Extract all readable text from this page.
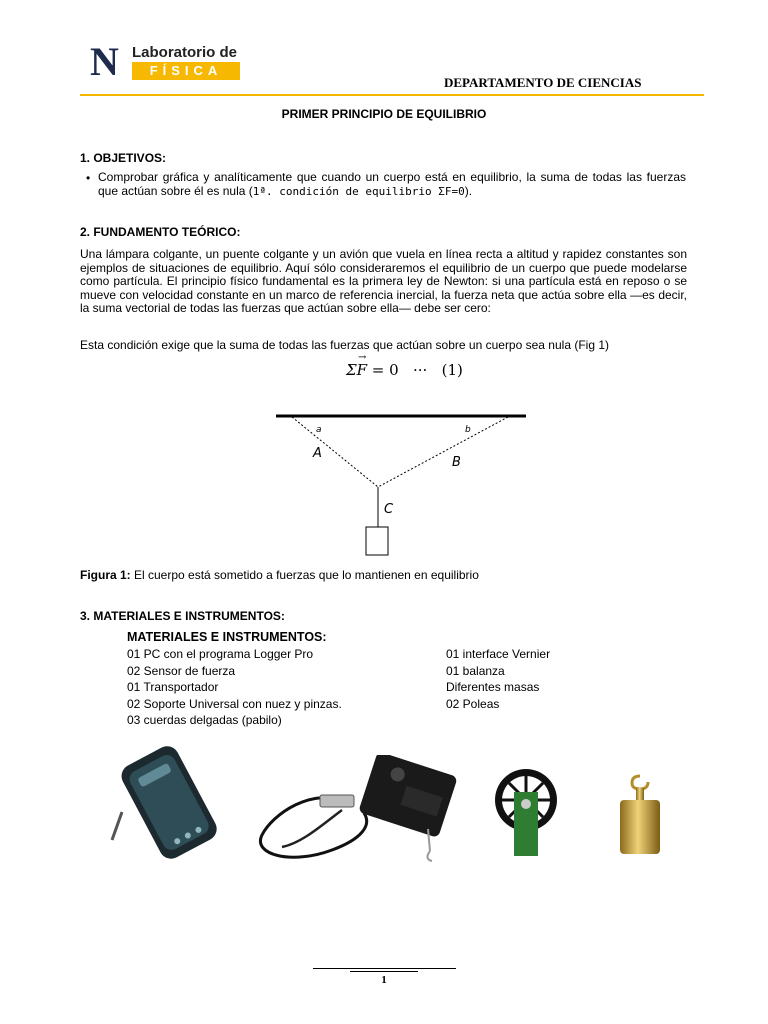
N Laboratorio de
FÍSICA
DEPARTAMENTO DE CIENCIAS
PRIMER PRINCIPIO DE EQUILIBRIO
1. OBJETIVOS:
• Comprobar gráfica y analíticamente que cuando un cuerpo está en equilibrio, la suma de todas las fuerzas que actúan sobre él es nula (1ª. condición de equilibrio ΣF=0).
2. FUNDAMENTO TEÓRICO:
Una lámpara colgante, un puente colgante y un avión que vuela en línea recta a altitud y rapidez constantes son ejemplos de situaciones de equilibrio. Aquí sólo consideraremos el equilibrio de un cuerpo que puede modelarse como partícula. El principio físico fundamental es la primera ley de Newton: si una partícula está en reposo o se mueve con velocidad constante en un marco de referencia inercial, la fuerza neta que actúa sobre ella —es decir, la suma vectorial de todas las fuerzas que actúan sobre ella— debe ser cero:
Esta condición exige que la suma de todas las fuerzas que actúan sobre un cuerpo sea nula (Fig 1)
→
ΣF = 0   ···   (1)
a	b
A
B
C
Figura 1: El cuerpo está sometido a fuerzas que lo mantienen en equilibrio
3. MATERIALES E INSTRUMENTOS:
MATERIALES E INSTRUMENTOS:
01 PC con el programa Logger Pro
02 Sensor de fuerza
01 Transportador
02 Soporte Universal con nuez y pinzas.
03 cuerdas delgadas (pabilo)
01 interface Vernier
01 balanza
Diferentes masas
02 Poleas
1
